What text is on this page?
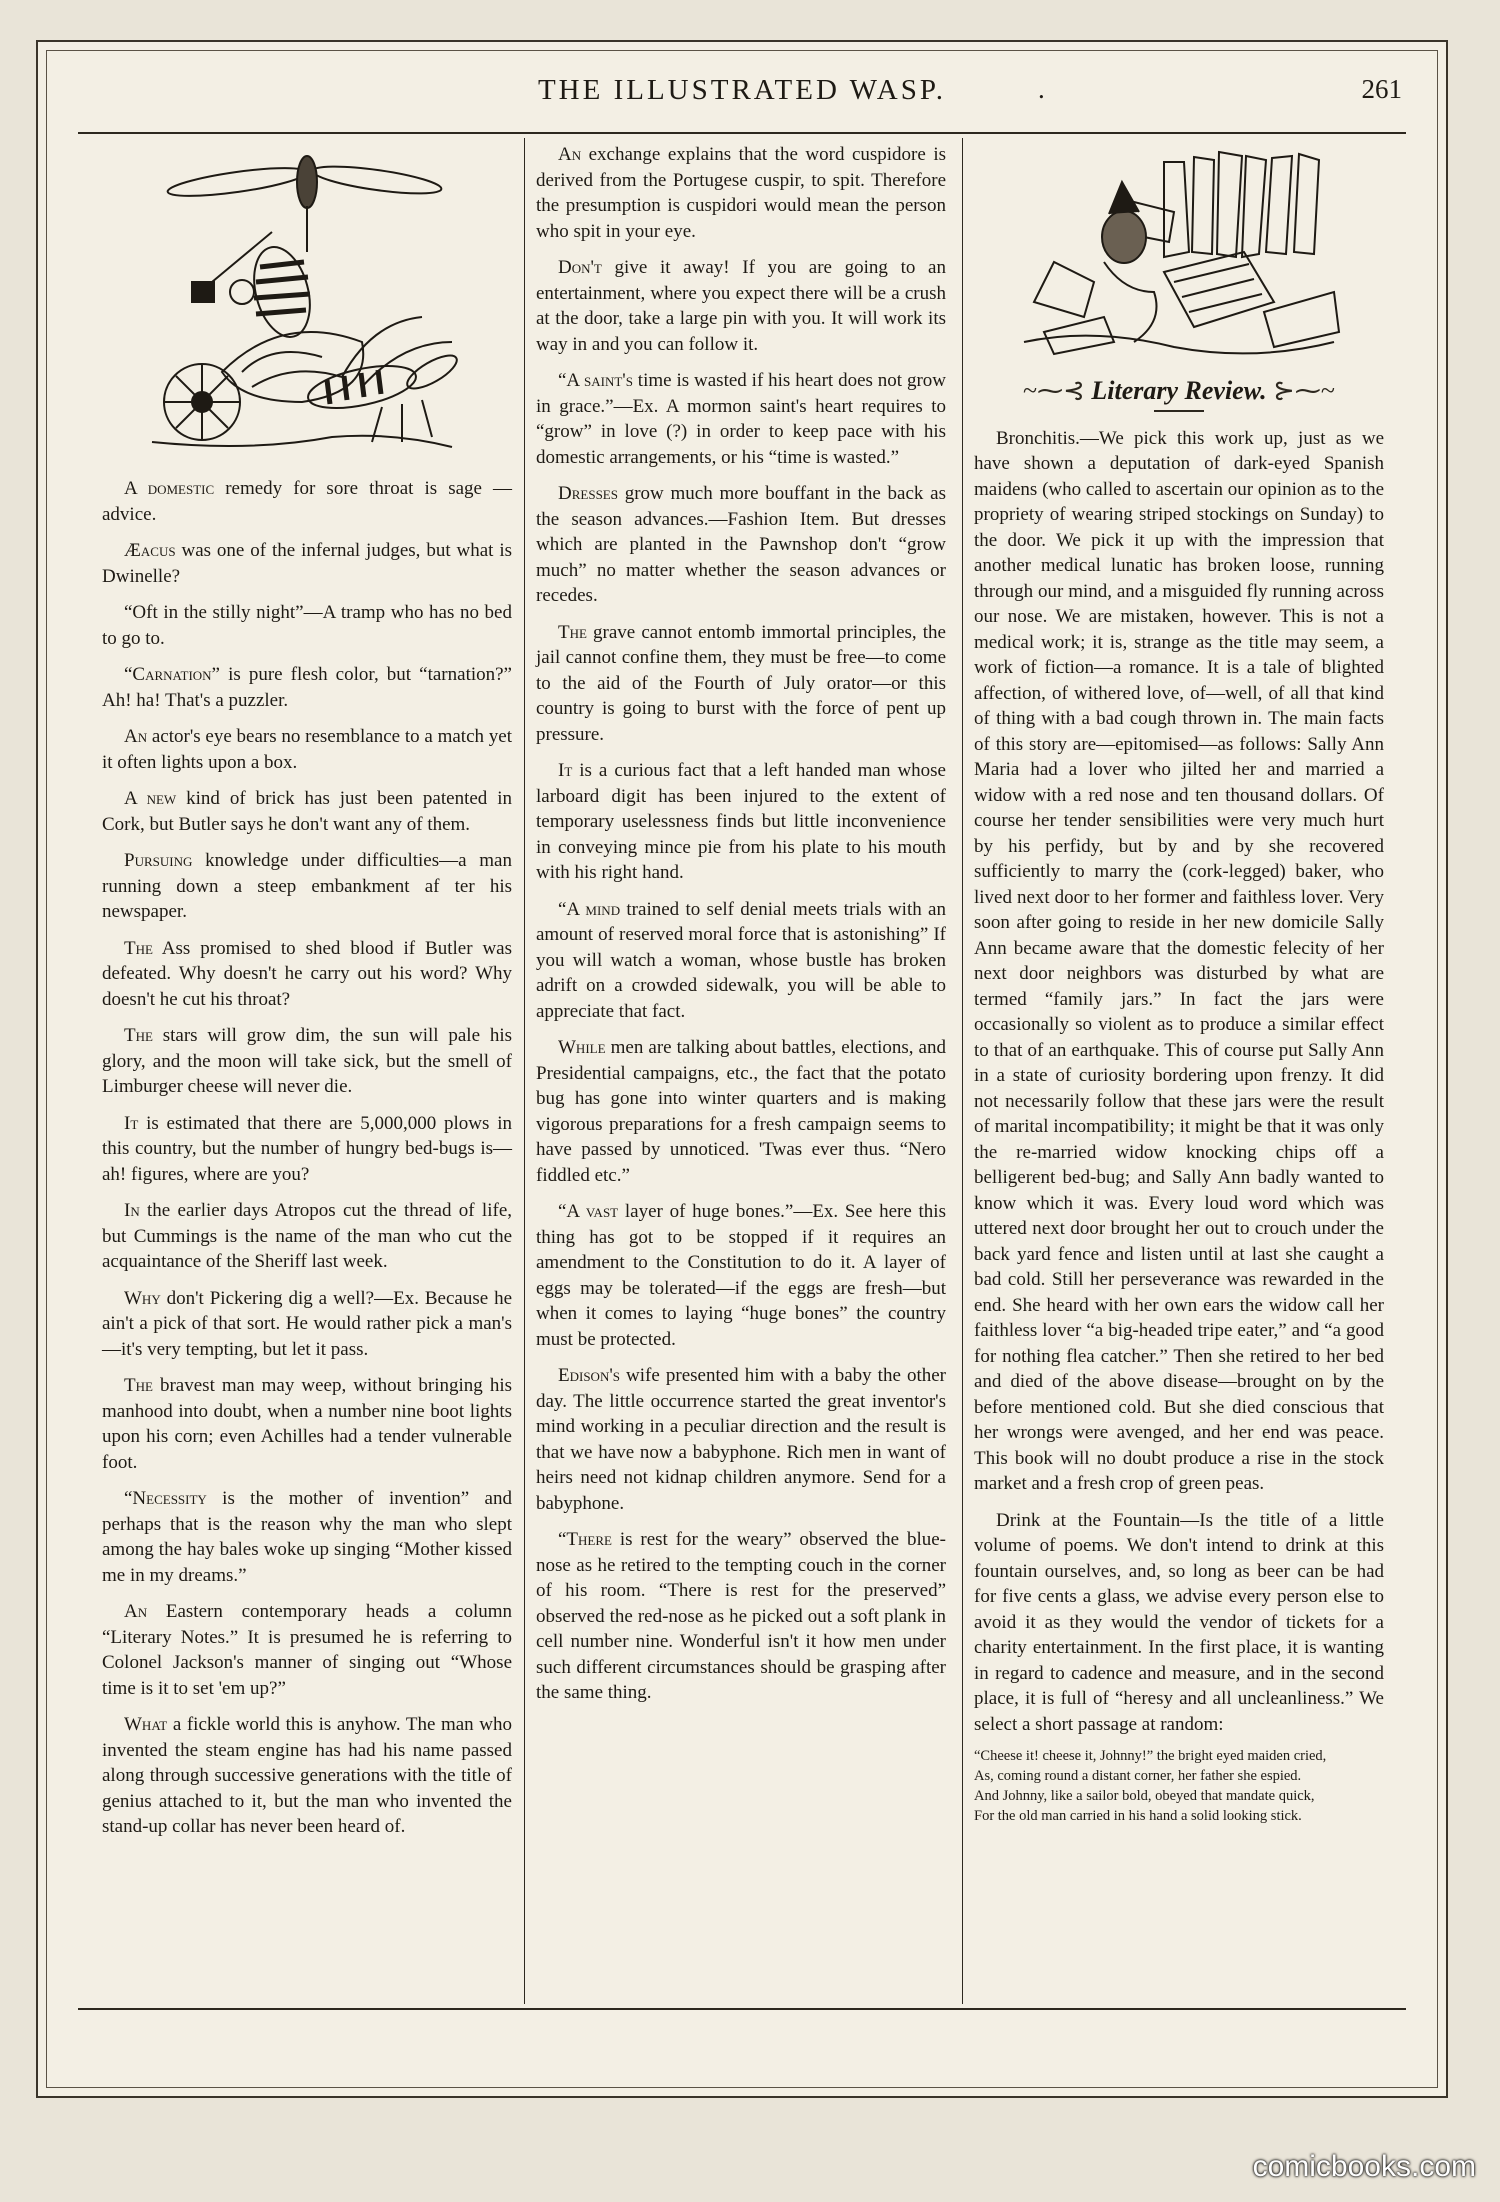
THE ILLUSTRATED WASP.	.	261

A domestic remedy for sore throat is sage —advice.

Æacus was one of the infernal judges, but what is Dwinelle?

“Oft in the stilly night”—A tramp who has no bed to go to.

“Carnation” is pure flesh color, but “tarnation?” Ah! ha! That's a puzzler.

An actor's eye bears no resemblance to a match yet it often lights upon a box.

A new kind of brick has just been patented in Cork, but Butler says he don't want any of them.

Pursuing knowledge under difficulties—a man running down a steep embankment af ter his newspaper.

The Ass promised to shed blood if Butler was defeated. Why doesn't he carry out his word? Why doesn't he cut his throat?

The stars will grow dim, the sun will pale his glory, and the moon will take sick, but the smell of Limburger cheese will never die.

It is estimated that there are 5,000,000 plows in this country, but the number of hungry bed-bugs is—ah! figures, where are you?

In the earlier days Atropos cut the thread of life, but Cummings is the name of the man who cut the acquaintance of the Sheriff last week.

Why don't Pickering dig a well?—Ex. Because he ain't a pick of that sort. He would rather pick a man's—it's very tempting, but let it pass.

The bravest man may weep, without bringing his manhood into doubt, when a number nine boot lights upon his corn; even Achilles had a tender vulnerable foot.

“Necessity is the mother of invention” and perhaps that is the reason why the man who slept among the hay bales woke up singing “Mother kissed me in my dreams.”

An Eastern contemporary heads a column “Literary Notes.” It is presumed he is referring to Colonel Jackson's manner of singing out “Whose time is it to set 'em up?”

What a fickle world this is anyhow. The man who invented the steam engine has had his name passed along through successive generations with the title of genius attached to it, but the man who invented the stand-up collar has never been heard of.

An exchange explains that the word cuspidore is derived from the Portugese cuspir, to spit. Therefore the presumption is cuspidori would mean the person who spit in your eye.

Don't give it away! If you are going to an entertainment, where you expect there will be a crush at the door, take a large pin with you. It will work its way in and you can follow it.

“A saint's time is wasted if his heart does not grow in grace.”—Ex. A mormon saint's heart requires to “grow” in love (?) in order to keep pace with his domestic arrangements, or his “time is wasted.”

Dresses grow much more bouffant in the back as the season advances.—Fashion Item. But dresses which are planted in the Pawnshop don't “grow much” no matter whether the season advances or recedes.

The grave cannot entomb immortal principles, the jail cannot confine them, they must be free—to come to the aid of the Fourth of July orator—or this country is going to burst with the force of pent up pressure.

It is a curious fact that a left handed man whose larboard digit has been injured to the extent of temporary uselessness finds but little inconvenience in conveying mince pie from his plate to his mouth with his right hand.

“A mind trained to self denial meets trials with an amount of reserved moral force that is astonishing” If you will watch a woman, whose bustle has broken adrift on a crowded sidewalk, you will be able to appreciate that fact.

While men are talking about battles, elections, and Presidential campaigns, etc., the fact that the potato bug has gone into winter quarters and is making vigorous preparations for a fresh campaign seems to have passed by unnoticed. 'Twas ever thus. “Nero fiddled etc.”

“A vast layer of huge bones.”—Ex. See here this thing has got to be stopped if it requires an amendment to the Constitution to do it. A layer of eggs may be tolerated—if the eggs are fresh—but when it comes to laying “huge bones” the country must be protected.

Edison's wife presented him with a baby the other day. The little occurrence started the great inventor's mind working in a peculiar direction and the result is that we have now a babyphone. Rich men in want of heirs need not kidnap children anymore. Send for a babyphone.

“There is rest for the weary” observed the blue-nose as he retired to the tempting couch in the corner of his room. “There is rest for the preserved” observed the red-nose as he picked out a soft plank in cell number nine. Wonderful isn't it how men under such different circumstances should be grasping after the same thing.

~⁓⊰ Literary Review. ⊱⁓~

Bronchitis.—We pick this work up, just as we have shown a deputation of dark-eyed Spanish maidens (who called to ascertain our opinion as to the propriety of wearing striped stockings on Sunday) to the door. We pick it up with the impression that another medical lunatic has broken loose, running through our mind, and a misguided fly running across our nose. We are mistaken, however. This is not a medical work; it is, strange as the title may seem, a work of fiction—a romance. It is a tale of blighted affection, of withered love, of—well, of all that kind of thing with a bad cough thrown in. The main facts of this story are—epitomised—as follows: Sally Ann Maria had a lover who jilted her and married a widow with a red nose and ten thousand dollars. Of course her tender sensibilities were very much hurt by his perfidy, but by and by she recovered sufficiently to marry the (cork-legged) baker, who lived next door to her former and faithless lover. Very soon after going to reside in her new domicile Sally Ann became aware that the domestic felecity of her next door neighbors was disturbed by what are termed “family jars.” In fact the jars were occasionally so violent as to produce a similar effect to that of an earthquake. This of course put Sally Ann in a state of curiosity bordering upon frenzy. It did not necessarily follow that these jars were the result of marital incompatibility; it might be that it was only the re-married widow knocking chips off a belligerent bed-bug; and Sally Ann badly wanted to know which it was. Every loud word which was uttered next door brought her out to crouch under the back yard fence and listen until at last she caught a bad cold. Still her perseverance was rewarded in the end. She heard with her own ears the widow call her faithless lover “a big-headed tripe eater,” and “a good for nothing flea catcher.” Then she retired to her bed and died of the above disease—brought on by the before mentioned cold. But she died conscious that her wrongs were avenged, and her end was peace. This book will no doubt produce a rise in the stock market and a fresh crop of green peas.

Drink at the Fountain—Is the title of a little volume of poems. We don't intend to drink at this fountain ourselves, and, so long as beer can be had for five cents a glass, we advise every person else to avoid it as they would the vendor of tickets for a charity entertainment. In the first place, it is wanting in regard to cadence and measure, and in the second place, it is full of “heresy and all uncleanliness.” We select a short passage at random:

“Cheese it! cheese it, Johnny!” the bright eyed maiden cried,

As, coming round a distant corner, her father she espied.

And Johnny, like a sailor bold, obeyed that mandate quick,

For the old man carried in his hand a solid looking stick.

comicbooks.com
